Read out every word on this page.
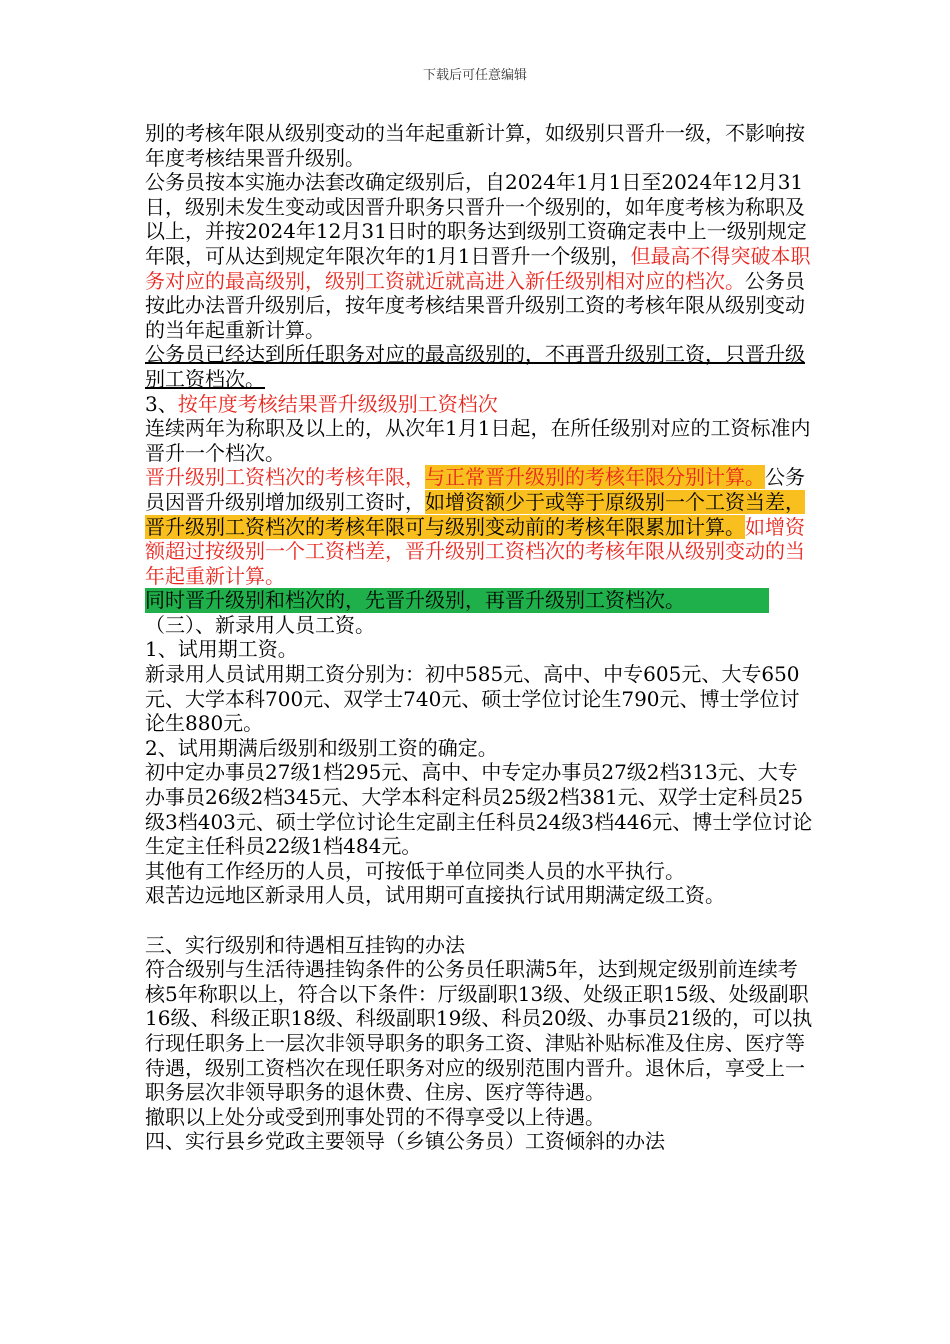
下载后可任意编辑

别的考核年限从级别变动的当年起重新计算，如级别只晋升一级，不影响按年度考核结果晋升级别。

公务员按本实施办法套改确定级别后，自2024年1月1日至2024年12月31日，级别未发生变动或因晋升职务只晋升一个级别的，如年度考核为称职及以上，并按2024年12月31日时的职务达到级别工资确定表中上一级别规定年限，可从达到规定年限次年的1月1日晋升一个级别，但最高不得突破本职务对应的最高级别，级别工资就近就高进入新任级别相对应的档次。公务员按此办法晋升级别后，按年度考核结果晋升级别工资的考核年限从级别变动的当年起重新计算。

公务员已经达到所任职务对应的最高级别的，不再晋升级别工资，只晋升级别工资档次。

3、按年度考核结果晋升级级别工资档次

连续两年为称职及以上的，从次年1月1日起，在所任级别对应的工资标准内晋升一个档次。

晋升级别工资档次的考核年限，与正常晋升级别的考核年限分别计算。公务员因晋升级别增加级别工资时，如增资额少于或等于原级别一个工资当差，晋升级别工资档次的考核年限可与级别变动前的考核年限累加计算。如增资额超过按级别一个工资档差，晋升级别工资档次的考核年限从级别变动的当年起重新计算。

同时晋升级别和档次的，先晋升级别，再晋升级别工资档次。

（三）、新录用人员工资。

1、试用期工资。

新录用人员试用期工资分别为：初中585元、高中、中专605元、大专650元、大学本科700元、双学士740元、硕士学位讨论生790元、博士学位讨论生880元。

2、试用期满后级别和级别工资的确定。

初中定办事员27级1档295元、高中、中专定办事员27级2档313元、大专办事员26级2档345元、大学本科定科员25级2档381元、双学士定科员25级3档403元、硕士学位讨论生定副主任科员24级3档446元、博士学位讨论生定主任科员22级1档484元。

其他有工作经历的人员，可按低于单位同类人员的水平执行。

艰苦边远地区新录用人员，试用期可直接执行试用期满定级工资。

三、实行级别和待遇相互挂钩的办法

符合级别与生活待遇挂钩条件的公务员任职满5年，达到规定级别前连续考核5年称职以上，符合以下条件：厅级副职13级、处级正职15级、处级副职16级、科级正职18级、科级副职19级、科员20级、办事员21级的，可以执行现任职务上一层次非领导职务的职务工资、津贴补贴标准及住房、医疗等待遇，级别工资档次在现任职务对应的级别范围内晋升。退休后，享受上一职务层次非领导职务的退休费、住房、医疗等待遇。

撤职以上处分或受到刑事处罚的不得享受以上待遇。

四、实行县乡党政主要领导（乡镇公务员）工资倾斜的办法
